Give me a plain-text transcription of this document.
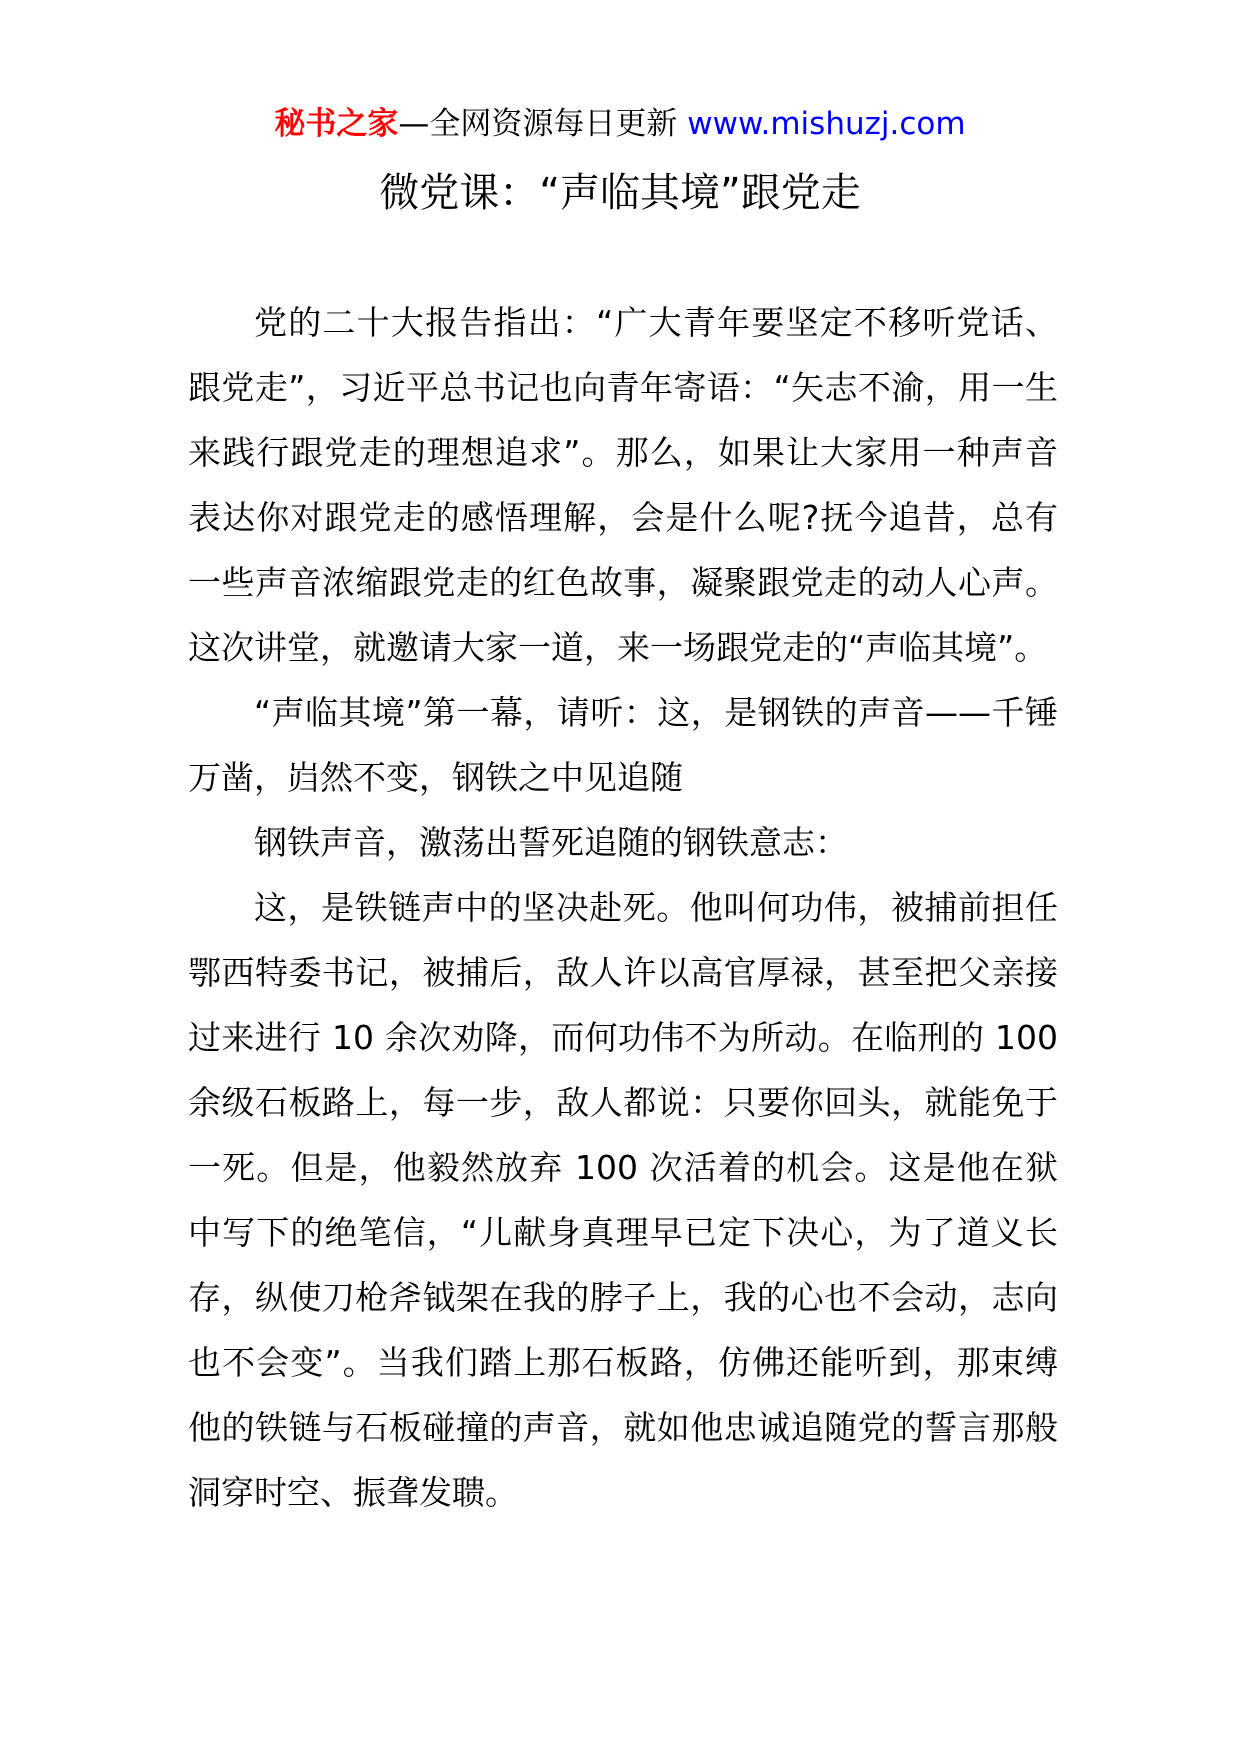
秘书之家—全网资源每日更新 www.mishuzj.com
微党课：“声临其境”跟党走

党的二十大报告指出：“广大青年要坚定不移听党话、跟党走”，习近平总书记也向青年寄语：“矢志不渝，用一生来践行跟党走的理想追求”。那么，如果让大家用一种声音表达你对跟党走的感悟理解，会是什么呢?抚今追昔，总有一些声音浓缩跟党走的红色故事，凝聚跟党走的动人心声。这次讲堂，就邀请大家一道，来一场跟党走的“声临其境”。

“声临其境”第一幕，请听：这，是钢铁的声音——千锤万凿，岿然不变，钢铁之中见追随

钢铁声音，激荡出誓死追随的钢铁意志：

这，是铁链声中的坚决赴死。他叫何功伟，被捕前担任鄂西特委书记，被捕后，敌人许以高官厚禄，甚至把父亲接过来进行 10 余次劝降，而何功伟不为所动。在临刑的 100 余级石板路上，每一步，敌人都说：只要你回头，就能免于一死。但是，他毅然放弃 100 次活着的机会。这是他在狱中写下的绝笔信，“儿献身真理早已定下决心，为了道义长存，纵使刀枪斧钺架在我的脖子上，我的心也不会动，志向也不会变”。当我们踏上那石板路，仿佛还能听到，那束缚他的铁链与石板碰撞的声音，就如他忠诚追随党的誓言那般洞穿时空、振聋发聩。
